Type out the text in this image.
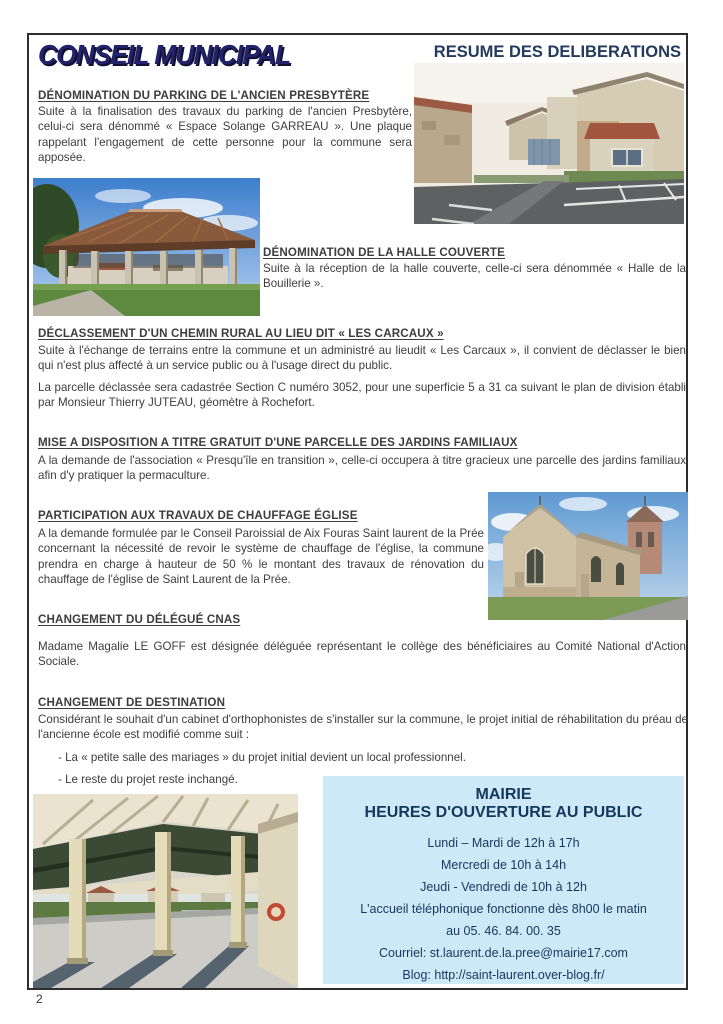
CONSEIL MUNICIPAL	RESUME DES DELIBERATIONS
DÉNOMINATION DU PARKING DE L'ANCIEN PRESBYTÈRE
Suite à la finalisation des travaux du parking de l'ancien Presbytère, celui-ci sera dénommé « Espace Solange GARREAU ». Une plaque rappelant l'engagement de cette personne pour la commune sera apposée.
DÉNOMINATION DE LA HALLE COUVERTE
Suite à la réception de la halle couverte, celle-ci sera dénommée « Halle de la Bouillerie ».
DÉCLASSEMENT D'UN CHEMIN RURAL AU LIEU DIT « LES CARCAUX »
Suite à l'échange de terrains entre la commune et un administré au lieudit « Les Carcaux », il convient de déclasser le bien qui n'est plus affecté à un service public ou à l'usage direct du public.
La parcelle déclassée sera cadastrée Section C numéro 3052, pour une superficie 5 a 31 ca suivant le plan de division établi par Monsieur Thierry JUTEAU, géomètre à Rochefort.
MISE A DISPOSITION A TITRE GRATUIT D'UNE PARCELLE DES JARDINS FAMILIAUX
A la demande de l'association « Presqu'île en transition », celle-ci occupera à titre gracieux une parcelle des jardins familiaux afin d'y pratiquer la permaculture.
PARTICIPATION AUX TRAVAUX DE CHAUFFAGE ÉGLISE
A la demande formulée par le Conseil Paroissial de Aix Fouras Saint laurent de la Prée concernant la nécessité de revoir le système de chauffage de l'église, la commune prendra en charge à hauteur de 50 % le montant des travaux de rénovation du chauffage de l'église de Saint Laurent de la Prée.
CHANGEMENT DU DÉLÉGUÉ CNAS
Madame Magalie LE GOFF est désignée déléguée représentant le collège des bénéficiaires au Comité National d'Action Sociale.
CHANGEMENT DE DESTINATION
Considérant le souhait d'un cabinet d'orthophonistes de s'installer sur la commune, le projet initial de réhabilitation du préau de l'ancienne école est modifié comme suit :
- La « petite salle des mariages » du projet initial devient un local professionnel.
- Le reste du projet reste inchangé.
MAIRIE
HEURES D'OUVERTURE AU PUBLIC
Lundi – Mardi de 12h à 17h
Mercredi de 10h à 14h
Jeudi - Vendredi de 10h à 12h
L'accueil téléphonique fonctionne dès 8h00 le matin
au 05. 46. 84. 00. 35
Courriel: st.laurent.de.la.pree@mairie17.com
Blog: http://saint-laurent.over-blog.fr/
2
